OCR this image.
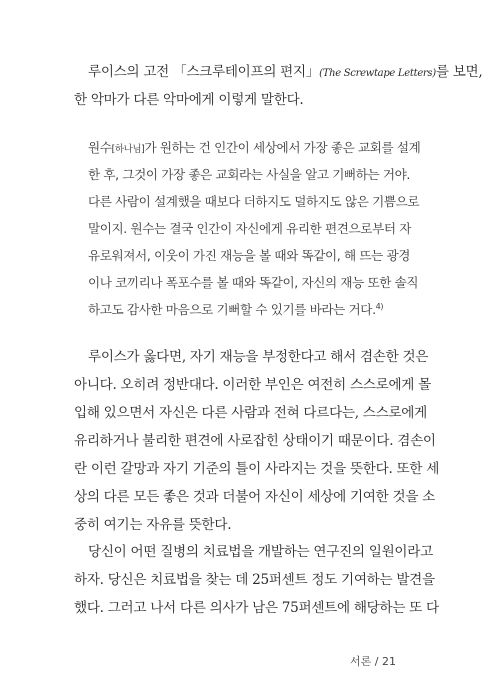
루이스의 고전 「스크루테이프의 편지」(The Screwtape Letters)를 보면,
한 악마가 다른 악마에게 이렇게 말한다.
원수[하나님]가 원하는 건 인간이 세상에서 가장 좋은 교회를 설계
한 후, 그것이 가장 좋은 교회라는 사실을 알고 기뻐하는 거야.
다른 사람이 설계했을 때보다 더하지도 덜하지도 않은 기쁨으로
말이지. 원수는 결국 인간이 자신에게 유리한 편견으로부터 자
유로워져서, 이웃이 가진 재능을 볼 때와 똑같이, 해 뜨는 광경
이나 코끼리나 폭포수를 볼 때와 똑같이, 자신의 재능 또한 솔직
하고도 감사한 마음으로 기뻐할 수 있기를 바라는 거다.$^{4)}$
루이스가 옳다면, 자기 재능을 부정한다고 해서 겸손한 것은
아니다. 오히려 정반대다. 이러한 부인은 여전히 스스로에게 몰
입해 있으면서 자신은 다른 사람과 전혀 다르다는, 스스로에게
유리하거나 불리한 편견에 사로잡힌 상태이기 때문이다. 겸손이
란 이런 갈망과 자기 기준의 틀이 사라지는 것을 뜻한다. 또한 세
상의 다른 모든 좋은 것과 더불어 자신이 세상에 기여한 것을 소
중히 여기는 자유를 뜻한다.
당신이 어떤 질병의 치료법을 개발하는 연구진의 일원이라고
하자. 당신은 치료법을 찾는 데 25퍼센트 정도 기여하는 발견을
했다. 그러고 나서 다른 의사가 남은 75퍼센트에 해당하는 또 다
서론 / 21
